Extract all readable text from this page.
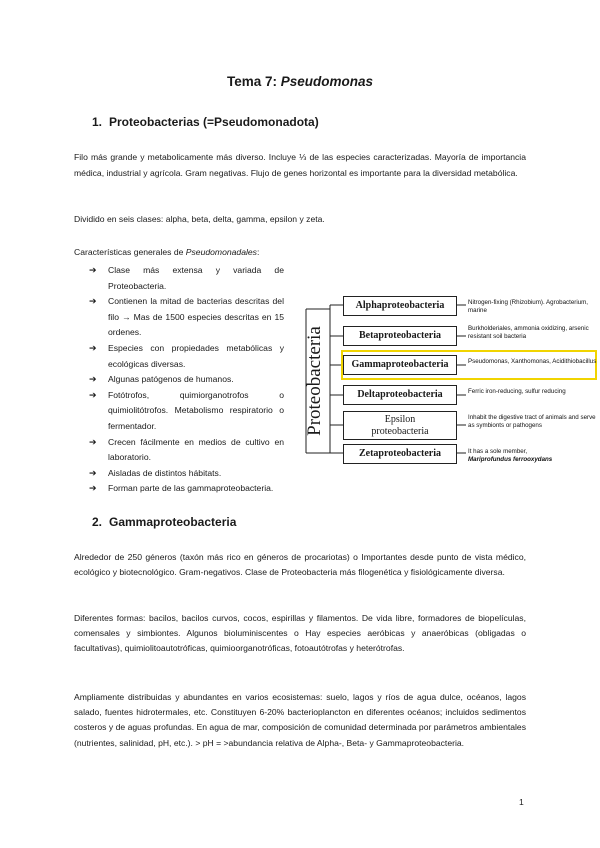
Tema 7: Pseudomonas
1. Proteobacterias (=Pseudomonadota)
Filo más grande y metabolicamente más diverso. Incluye ⅓ de las especies caracterizadas. Mayoría de importancia médica, industrial y agrícola. Gram negativas. Flujo de genes horizontal es importante para la diversidad metabólica.
Dividido en seis clases: alpha, beta, delta, gamma, epsilon y zeta.
Características generales de Pseudomonadales:
➔ Clase más extensa y variada de Proteobacteria.
➔ Contienen la mitad de bacterias descritas del filo → Mas de 1500 especies descritas en 15 ordenes.
➔ Especies con propiedades metabólicas y ecológicas diversas.
➔ Algunas patógenos de humanos.
➔ Fotótrofos, quimiorganotrofos o quimiolitótrofos. Metabolismo respiratorio o fermentador.
➔ Crecen fácilmente en medios de cultivo en laboratorio.
➔ Aisladas de distintos hábitats.
➔ Forman parte de las gammaproteobacteria.
Proteobacteria
Alphaproteobacteria
Betaproteobacteria
Gammaproteobacteria
Deltaproteobacteria
Epsilon proteobacteria
Zetaproteobacteria
Nitrogen-fixing (Rhizobium). Agrobacterium, marine
Burkholderiales, ammonia oxidizing, arsenic resistant soil bacteria
Pseudomonas, Xanthomonas, Acidithiobacillus
Ferric iron-reducing, sulfur reducing
Inhabit the digestive tract of animals and serve as symbionts or pathogens
It has a sole member,
Mariprofundus ferrooxydans
2. Gammaproteobacteria
Alrededor de 250 géneros (taxón más rico en géneros de procariotas) o Importantes desde punto de vista médico, ecológico y biotecnológico. Gram-negativos. Clase de Proteobacteria más filogenética y fisiológicamente diversa.
Diferentes formas: bacilos, bacilos curvos, cocos, espirillas y filamentos. De vida libre, formadores de biopelículas, comensales y simbiontes. Algunos bioluminiscentes o Hay especies aeróbicas y anaeróbicas (obligadas o facultativas), quimiolitoautotróficas, quimioorganotróficas, fotoautótrofas y heterótrofas.
Ampliamente distribuidas y abundantes en varios ecosistemas: suelo, lagos y ríos de agua dulce, océanos, lagos salado, fuentes hidrotermales, etc. Constituyen 6-20% bacterioplancton en diferentes océanos; incluidos sedimentos costeros y de aguas profundas. En agua de mar, composición de comunidad determinada por parámetros ambientales (nutrientes, salinidad, pH, etc.). > pH = >abundancia relativa de Alpha-, Beta- y Gammaproteobacteria.
1
